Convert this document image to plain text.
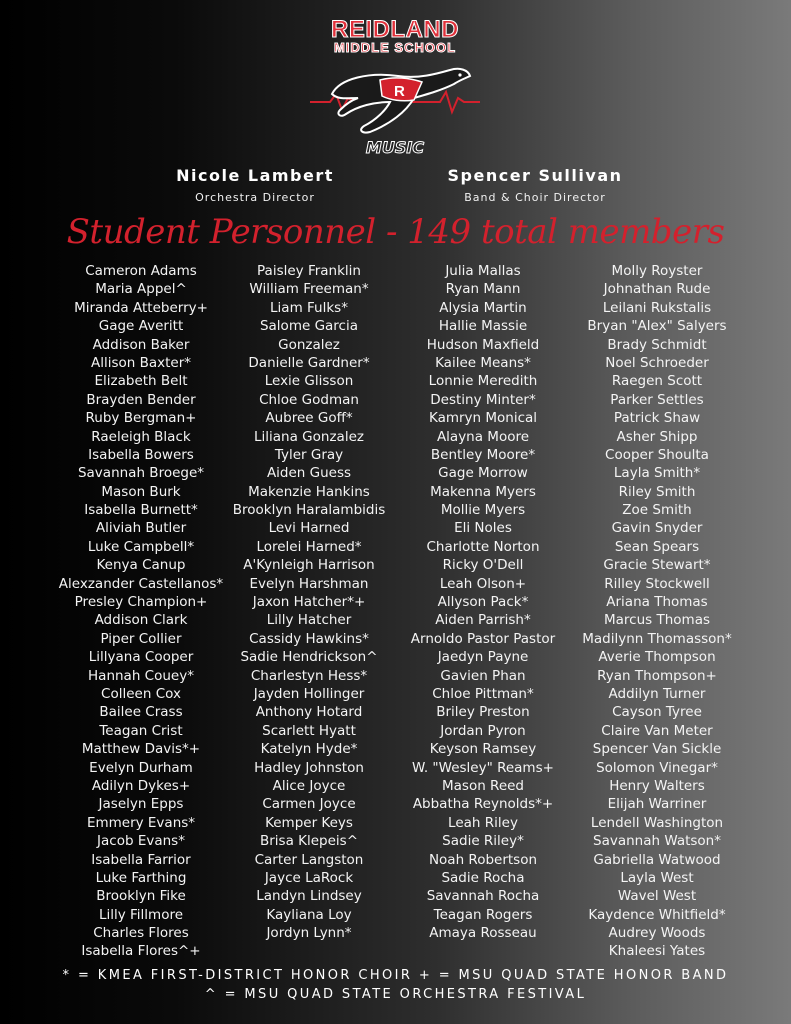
REIDLAND
MIDDLE SCHOOL
R
MUSIC
Nicole Lambert
Orchestra Director
Spencer Sullivan
Band & Choir Director
Student Personnel - 149 total members
Cameron Adams
Maria Appel^
Miranda Atteberry+
Gage Averitt
Addison Baker
Allison Baxter*
Elizabeth Belt
Brayden Bender
Ruby Bergman+
Raeleigh Black
Isabella Bowers
Savannah Broege*
Mason Burk
Isabella Burnett*
Aliviah Butler
Luke Campbell*
Kenya Canup
Alexzander Castellanos*
Presley Champion+
Addison Clark
Piper Collier
Lillyana Cooper
Hannah Couey*
Colleen Cox
Bailee Crass
Teagan Crist
Matthew Davis*+
Evelyn Durham
Adilyn Dykes+
Jaselyn Epps
Emmery Evans*
Jacob Evans*
Isabella Farrior
Luke Farthing
Brooklyn Fike
Lilly Fillmore
Charles Flores
Isabella Flores^+
Paisley Franklin
William Freeman*
Liam Fulks*
Salome Garcia
Gonzalez
Danielle Gardner*
Lexie Glisson
Chloe Godman
Aubree Goff*
Liliana Gonzalez
Tyler Gray
Aiden Guess
Makenzie Hankins
Brooklyn Haralambidis
Levi Harned
Lorelei Harned*
A'Kynleigh Harrison
Evelyn Harshman
Jaxon Hatcher*+
Lilly Hatcher
Cassidy Hawkins*
Sadie Hendrickson^
Charlestyn Hess*
Jayden Hollinger
Anthony Hotard
Scarlett Hyatt
Katelyn Hyde*
Hadley Johnston
Alice Joyce
Carmen Joyce
Kemper Keys
Brisa Klepeis^
Carter Langston
Jayce LaRock
Landyn Lindsey
Kayliana Loy
Jordyn Lynn*
Julia Mallas
Ryan Mann
Alysia Martin
Hallie Massie
Hudson Maxfield
Kailee Means*
Lonnie Meredith
Destiny Minter*
Kamryn Monical
Alayna Moore
Bentley Moore*
Gage Morrow
Makenna Myers
Mollie Myers
Eli Noles
Charlotte Norton
Ricky O'Dell
Leah Olson+
Allyson Pack*
Aiden Parrish*
Arnoldo Pastor Pastor
Jaedyn Payne
Gavien Phan
Chloe Pittman*
Briley Preston
Jordan Pyron
Keyson Ramsey
W. "Wesley" Reams+
Mason Reed
Abbatha Reynolds*+
Leah Riley
Sadie Riley*
Noah Robertson
Sadie Rocha
Savannah Rocha
Teagan Rogers
Amaya Rosseau
Molly Royster
Johnathan Rude
Leilani Rukstalis
Bryan "Alex" Salyers
Brady Schmidt
Noel Schroeder
Raegen Scott
Parker Settles
Patrick Shaw
Asher Shipp
Cooper Shoulta
Layla Smith*
Riley Smith
Zoe Smith
Gavin Snyder
Sean Spears
Gracie Stewart*
Rilley Stockwell
Ariana Thomas
Marcus Thomas
Madilynn Thomasson*
Averie Thompson
Ryan Thompson+
Addilyn Turner
Cayson Tyree
Claire Van Meter
Spencer Van Sickle
Solomon Vinegar*
Henry Walters
Elijah Warriner
Lendell Washington
Savannah Watson*
Gabriella Watwood
Layla West
Wavel West
Kaydence Whitfield*
Audrey Woods
Khaleesi Yates
* = KMEA FIRST-DISTRICT HONOR CHOIR + = MSU QUAD STATE HONOR BAND
^ = MSU QUAD STATE ORCHESTRA FESTIVAL
